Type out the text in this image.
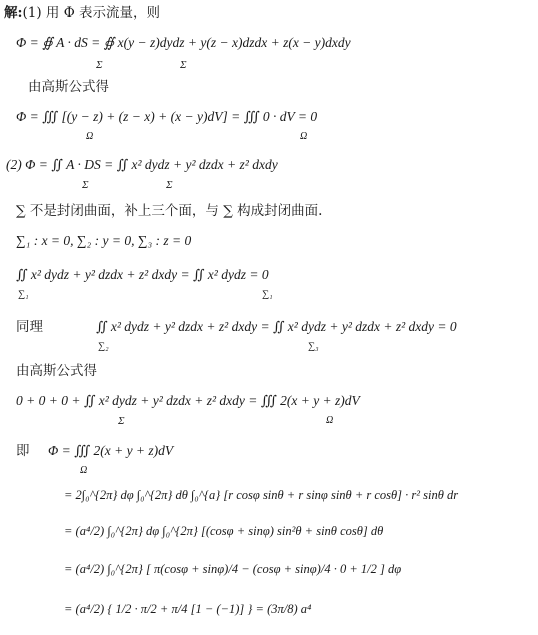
解:(1) 用 Φ 表示流量，则
Φ = ∯ A · dS = ∯ x(y − z)dydz + y(z − x)dzdx + z(x − y)dxdy
Σ	Σ
由高斯公式得
Φ = ∭ [(y − z) + (z − x) + (x − y)dV] = ∭ 0 · dV = 0
Ω	Ω
(2) Φ = ∬ A · DS = ∬ x² dydz + y² dzdx + z² dxdy
Σ	Σ
∑ 不是封闭曲面，补上三个面，与 ∑ 构成封闭曲面.
∑₁ : x = 0, ∑₂ : y = 0, ∑₃ : z = 0
∬ x² dydz + y² dzdx + z² dxdy = ∬ x² dydz = 0
∑₁	∑₁
同理	∬ x² dydz + y² dzdx + z² dxdy = ∬ x² dydz + y² dzdx + z² dxdy = 0
∑₂	∑₃
由高斯公式得
0 + 0 + 0 + ∬ x² dydz + y² dzdx + z² dxdy = ∭ 2(x + y + z)dV
Σ	Ω
即 Φ = ∭ 2(x + y + z)dV
Ω
= 2∫₀^{2π} dφ ∫₀^{2π} dθ ∫₀^{a} [r cosφ sinθ + r sinφ sinθ + r cosθ] · r² sinθ dr
= (a⁴/2) ∫₀^{2π} dφ ∫₀^{2π} [(cosφ + sinφ) sin²θ + sinθ cosθ] dθ
= (a⁴/2) ∫₀^{2π} [ π(cosφ + sinφ)/4 − (cosφ + sinφ)/4 · 0 + 1/2 ] dφ
= (a⁴/2) { 1/2 · π/2 + π/4 [1 − (−1)] } = (3π/8) a⁴
